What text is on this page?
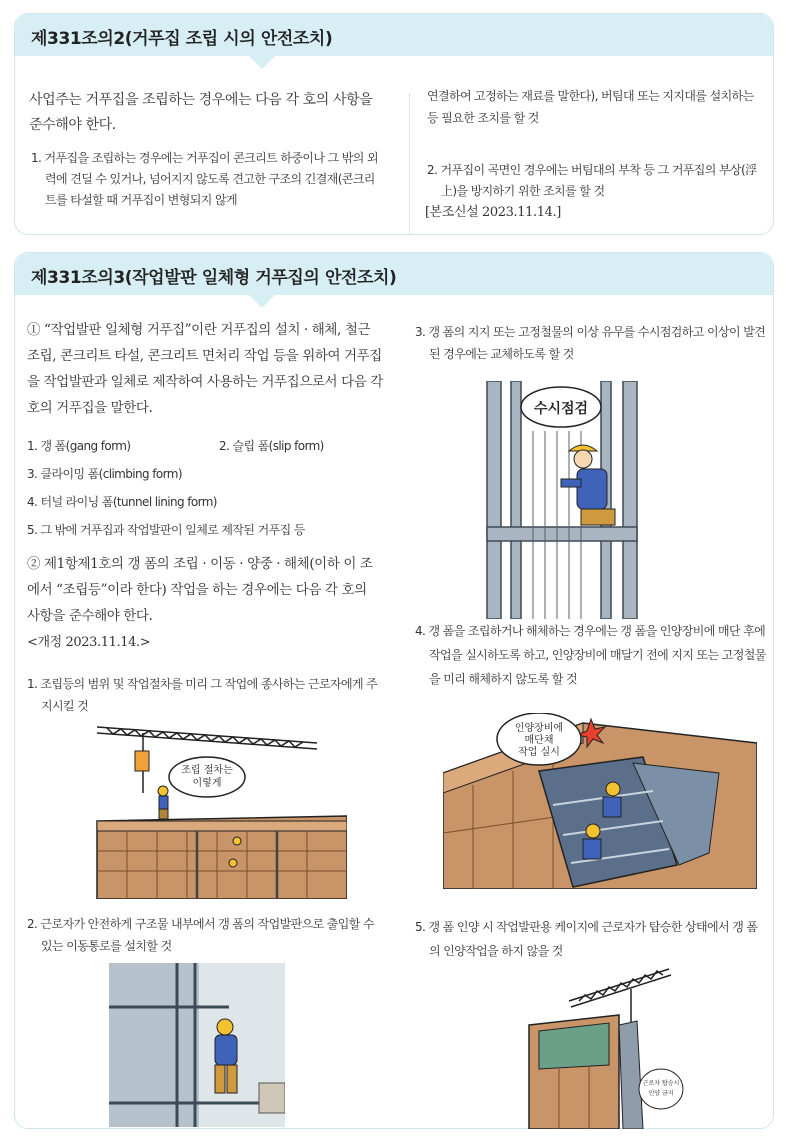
제331조의2(거푸집 조립 시의 안전조치)
사업주는 거푸집을 조립하는 경우에는 다음 각 호의 사항을 준수해야 한다.
1. 거푸집을 조립하는 경우에는 거푸집이 콘크리트 하중이나 그 밖의 외력에 견딜 수 있거나, 넘어지지 않도록 견고한 구조의 긴결재(콘크리트를 타설할 때 거푸집이 변형되지 않게
연결하여 고정하는 재료를 말한다), 버팀대 또는 지지대를 설치하는 등 필요한 조치를 할 것
2. 거푸집이 곡면인 경우에는 버팀대의 부착 등 그 거푸집의 부상(浮上)을 방지하기 위한 조치를 할 것
[본조신설 2023.11.14.]
제331조의3(작업발판 일체형 거푸집의 안전조치)
① “작업발판 일체형 거푸집”이란 거푸집의 설치 · 해체, 철근 조립, 콘크리트 타설, 콘크리트 면처리 작업 등을 위하여 거푸집을 작업발판과 일체로 제작하여 사용하는 거푸집으로서 다음 각 호의 거푸집을 말한다.
1. 갱 폼(gang form)	2. 슬립 폼(slip form)
3. 클라이밍 폼(climbing form)
4. 터널 라이닝 폼(tunnel lining form)
5. 그 밖에 거푸집과 작업발판이 일체로 제작된 거푸집 등
② 제1항제1호의 갱 폼의 조립 · 이동 · 양중 · 해체(이하 이 조에서 “조립등”이라 한다) 작업을 하는 경우에는 다음 각 호의 사항을 준수해야 한다.
<개정 2023.11.14.>
1. 조립등의 범위 및 작업절차를 미리 그 작업에 종사하는 근로자에게 주지시킬 것
조립 절차는
이렇게
2. 근로자가 안전하게 구조물 내부에서 갱 폼의 작업발판으로 출입할 수 있는 이동통로를 설치할 것
3. 갱 폼의 지지 또는 고정철물의 이상 유무를 수시점검하고 이상이 발견된 경우에는 교체하도록 할 것
수시점검
4. 갱 폼을 조립하거나 해체하는 경우에는 갱 폼을 인양장비에 매단 후에 작업을 실시하도록 하고, 인양장비에 매달기 전에 지지 또는 고정철물을 미리 해체하지 않도록 할 것
인양장비에
매단채
작업 실시
5. 갱 폼 인양 시 작업발판용 케이지에 근로자가 탑승한 상태에서 갱 폼의 인양작업을 하지 않을 것
근로자 탑승시
인양 금지
